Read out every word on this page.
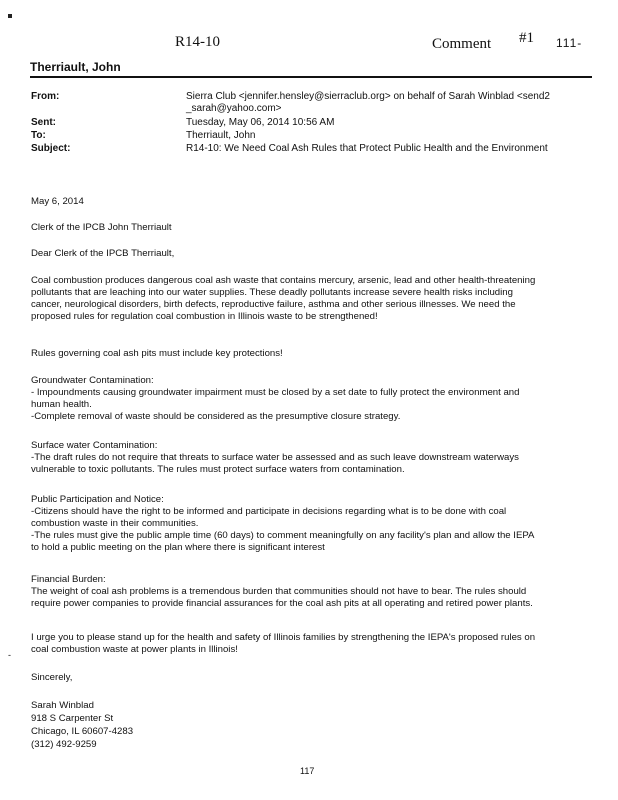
R14-10	Comment #1 111-
Therriault, John
From:	Sierra Club <jennifer.hensley@sierraclub.org> on behalf of Sarah Winblad <send2
_sarah@yahoo.com>
Sent:	Tuesday, May 06, 2014 10:56 AM
To:	Therriault, John
Subject:	R14-10: We Need Coal Ash Rules that Protect Public Health and the Environment
May 6, 2014
Clerk of the IPCB John Therriault
Dear Clerk of the IPCB Therriault,

Coal combustion produces dangerous coal ash waste that contains mercury, arsenic, lead and other health-threatening

pollutants that are leaching into our water supplies. These deadly pollutants increase severe health risks including

cancer, neurological disorders, birth defects, reproductive failure, asthma and other serious illnesses. We need the

proposed rules for regulation coal combustion in Illinois waste to be strengthened!

Rules governing coal ash pits must include key protections!

Groundwater Contamination:

- Impoundments causing groundwater impairment must be closed by a set date to fully protect the environment and

human health.

-Complete removal of waste should be considered as the presumptive closure strategy.

Surface water Contamination:

-The draft rules do not require that threats to surface water be assessed and as such leave downstream waterways

vulnerable to toxic pollutants. The rules must protect surface waters from contamination.

Public Participation and Notice:

-Citizens should have the right to be informed and participate in decisions regarding what is to be done with coal

combustion waste in their communities.

-The rules must give the public ample time (60 days) to comment meaningfully on any facility's plan and allow the IEPA

to hold a public meeting on the plan where there is significant interest

Financial Burden:

The weight of coal ash problems is a tremendous burden that communities should not have to bear. The rules should

require power companies to provide financial assurances for the coal ash pits at all operating and retired power plants.

I urge you to please stand up for the health and safety of Illinois families by strengthening the IEPA's proposed rules on

coal combustion waste at power plants in Illinois!

-
Sincerely,

Sarah Winblad

918 S Carpenter St

Chicago, IL 60607-4283

(312) 492-9259

117
